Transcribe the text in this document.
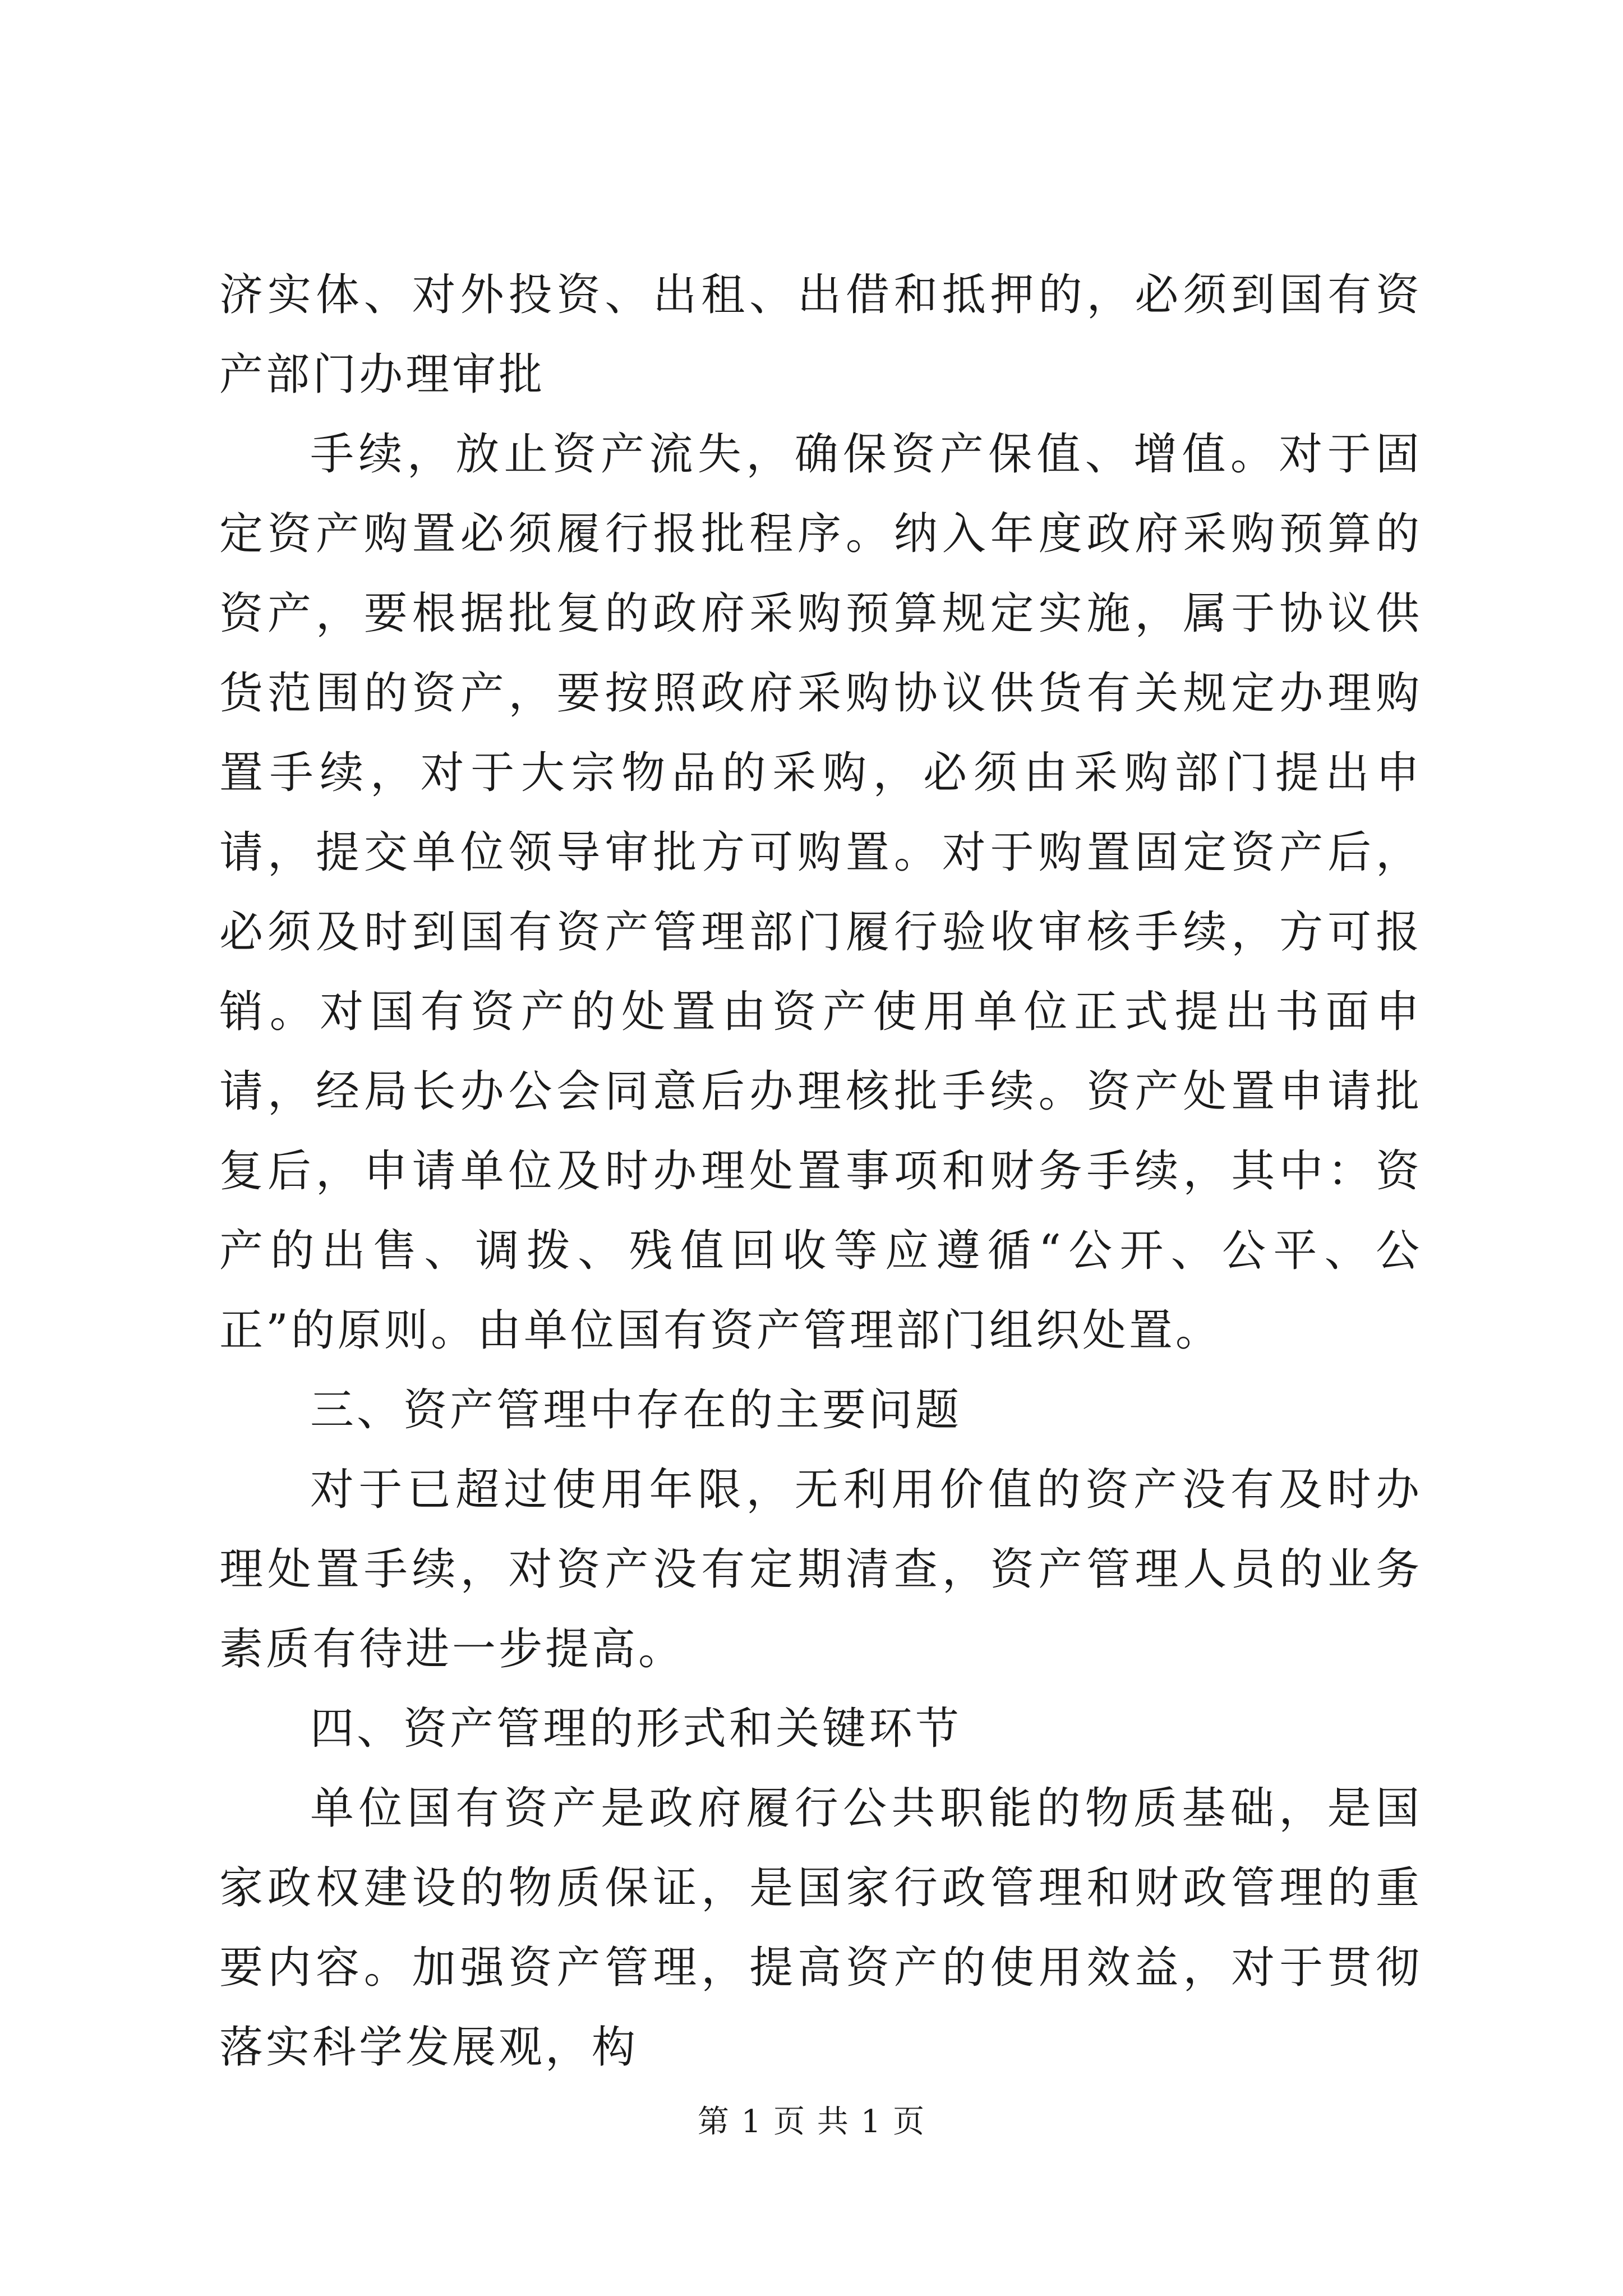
济实体、对外投资、出租、出借和抵押的，必须到国有资产部门办理审批

手续，放止资产流失，确保资产保值、增值。对于固定资产购置必须履行报批程序。纳入年度政府采购预算的资产，要根据批复的政府采购预算规定实施，属于协议供货范围的资产，要按照政府采购协议供货有关规定办理购置手续，对于大宗物品的采购，必须由采购部门提出申请，提交单位领导审批方可购置。对于购置固定资产后，必须及时到国有资产管理部门履行验收审核手续，方可报销。对国有资产的处置由资产使用单位正式提出书面申请，经局长办公会同意后办理核批手续。资产处置申请批复后，申请单位及时办理处置事项和财务手续，其中：资产的出售、调拨、残值回收等应遵循“公开、公平、公正”的原则。由单位国有资产管理部门组织处置。

三、资产管理中存在的主要问题

对于已超过使用年限，无利用价值的资产没有及时办理处置手续，对资产没有定期清查，资产管理人员的业务素质有待进一步提高。

四、资产管理的形式和关键环节

单位国有资产是政府履行公共职能的物质基础，是国家政权建设的物质保证，是国家行政管理和财政管理的重要内容。加强资产管理，提高资产的使用效益，对于贯彻落实科学发展观，构

第 1 页 共 1 页
